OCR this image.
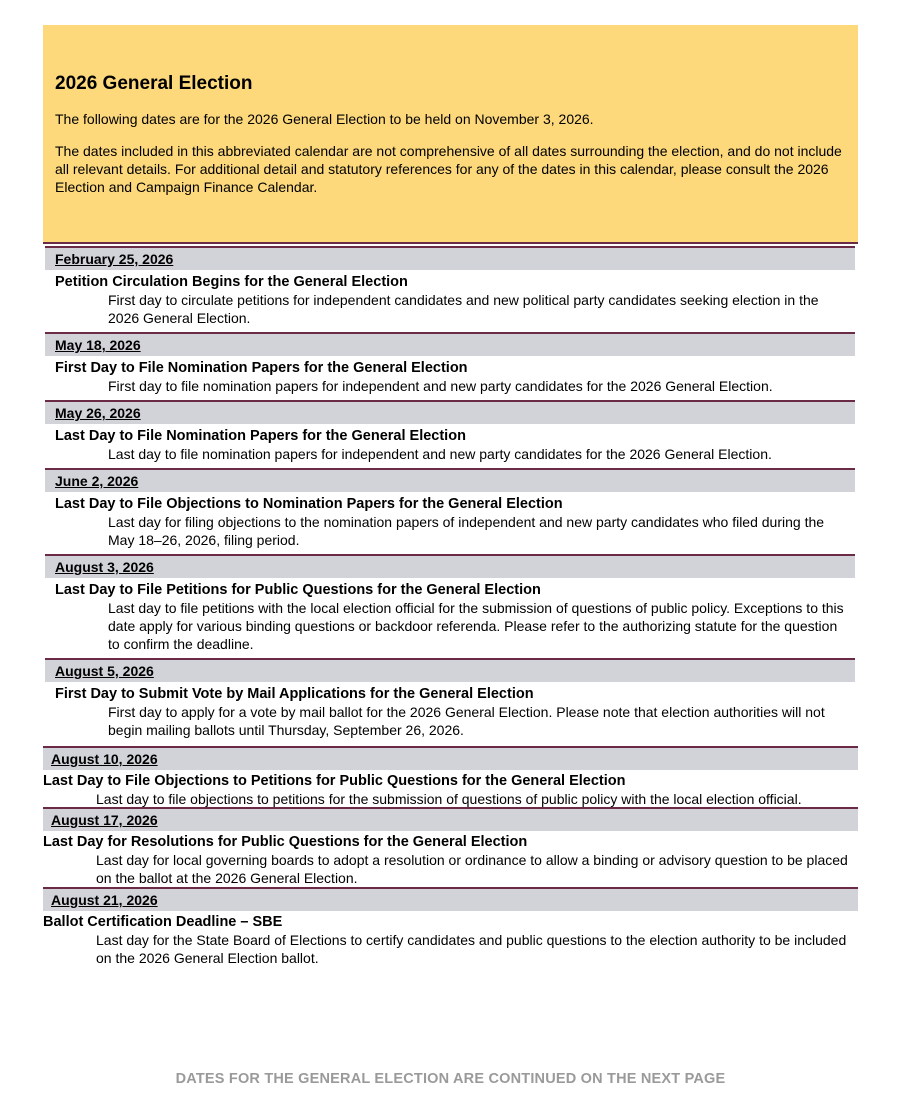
2026 General Election

The following dates are for the 2026 General Election to be held on November 3, 2026.

The dates included in this abbreviated calendar are not comprehensive of all dates surrounding the election, and do not include all relevant details. For additional detail and statutory references for any of the dates in this calendar, please consult the 2026 Election and Campaign Finance Calendar.

February 25, 2026
Petition Circulation Begins for the General Election
First day to circulate petitions for independent candidates and new political party candidates seeking election in the 2026 General Election.
May 18, 2026
First Day to File Nomination Papers for the General Election
First day to file nomination papers for independent and new party candidates for the 2026 General Election.
May 26, 2026
Last Day to File Nomination Papers for the General Election
Last day to file nomination papers for independent and new party candidates for the 2026 General Election.
June 2, 2026
Last Day to File Objections to Nomination Papers for the General Election
Last day for filing objections to the nomination papers of independent and new party candidates who filed during the May 18–26, 2026, filing period.
August 3, 2026
Last Day to File Petitions for Public Questions for the General Election
Last day to file petitions with the local election official for the submission of questions of public policy. Exceptions to this date apply for various binding questions or backdoor referenda. Please refer to the authorizing statute for the question to confirm the deadline.
August 5, 2026
First Day to Submit Vote by Mail Applications for the General Election
First day to apply for a vote by mail ballot for the 2026 General Election. Please note that election authorities will not begin mailing ballots until Thursday, September 26, 2026.
August 10, 2026
Last Day to File Objections to Petitions for Public Questions for the General Election
Last day to file objections to petitions for the submission of questions of public policy with the local election official.
August 17, 2026
Last Day for Resolutions for Public Questions for the General Election
Last day for local governing boards to adopt a resolution or ordinance to allow a binding or advisory question to be placed on the ballot at the 2026 General Election.
August 21, 2026
Ballot Certification Deadline – SBE
Last day for the State Board of Elections to certify candidates and public questions to the election authority to be included on the 2026 General Election ballot.
DATES FOR THE GENERAL ELECTION ARE CONTINUED ON THE NEXT PAGE
